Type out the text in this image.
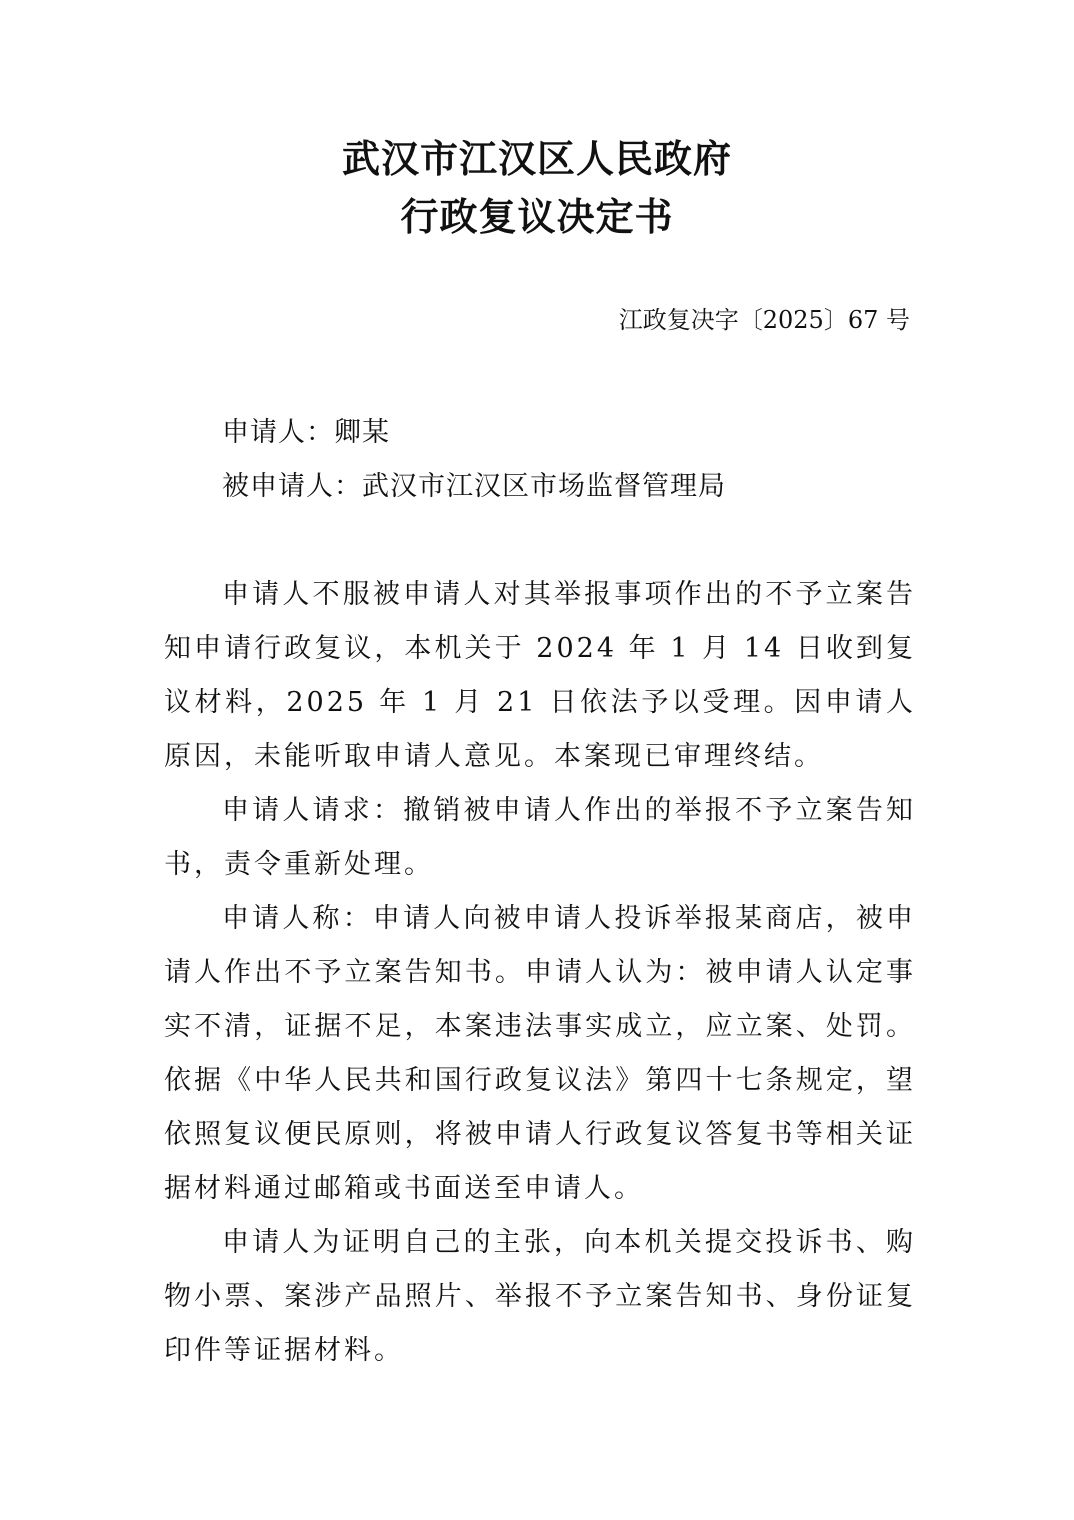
武汉市江汉区人民政府
行政复议决定书
江政复决字〔2025〕67 号
申请人：卿某
被申请人：武汉市江汉区市场监督管理局

申请人不服被申请人对其举报事项作出的不予立案告知申请行政复议，本机关于 2024 年 1 月 14 日收到复议材料，2025 年 1 月 21 日依法予以受理。因申请人原因，未能听取申请人意见。本案现已审理终结。

申请人请求：撤销被申请人作出的举报不予立案告知书，责令重新处理。

申请人称：申请人向被申请人投诉举报某商店，被申请人作出不予立案告知书。申请人认为：被申请人认定事实不清，证据不足，本案违法事实成立，应立案、处罚。依据《中华人民共和国行政复议法》第四十七条规定，望依照复议便民原则，将被申请人行政复议答复书等相关证据材料通过邮箱或书面送至申请人。

申请人为证明自己的主张，向本机关提交投诉书、购物小票、案涉产品照片、举报不予立案告知书、身份证复印件等证据材料。
